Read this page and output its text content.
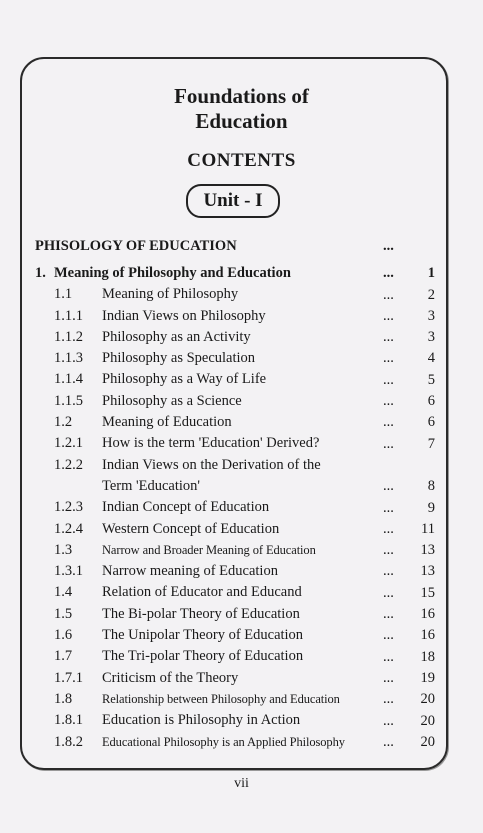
Foundations of
Education
CONTENTS
Unit - I
PHISOLOGY OF EDUCATION	...
1. Meaning of Philosophy and Education	...	1
1.1 Meaning of Philosophy	...	2
1.1.1 Indian Views on Philosophy	...	3
1.1.2 Philosophy as an Activity	...	3
1.1.3 Philosophy as Speculation	...	4
1.1.4 Philosophy as a Way of Life	...	5
1.1.5 Philosophy as a Science	...	6
1.2 Meaning of Education	...	6
1.2.1 How is the term 'Education' Derived?	...	7
1.2.2 Indian Views on the Derivation of the Term 'Education'	...	8
1.2.3 Indian Concept of Education	...	9
1.2.4 Western Concept of Education	...	11
1.3 Narrow and Broader Meaning of Education	...	13
1.3.1 Narrow meaning of Education	...	13
1.4 Relation of Educator and Educand	...	15
1.5 The Bi-polar Theory of Education	...	16
1.6 The Unipolar Theory of Education	...	16
1.7 The Tri-polar Theory of Education	...	18
1.7.1 Criticism of the Theory	...	19
1.8 Relationship between Philosophy and Education	...	20
1.8.1 Education is Philosophy in Action	...	20
1.8.2 Educational Philosophy is an Applied Philosophy	...	20
vii
